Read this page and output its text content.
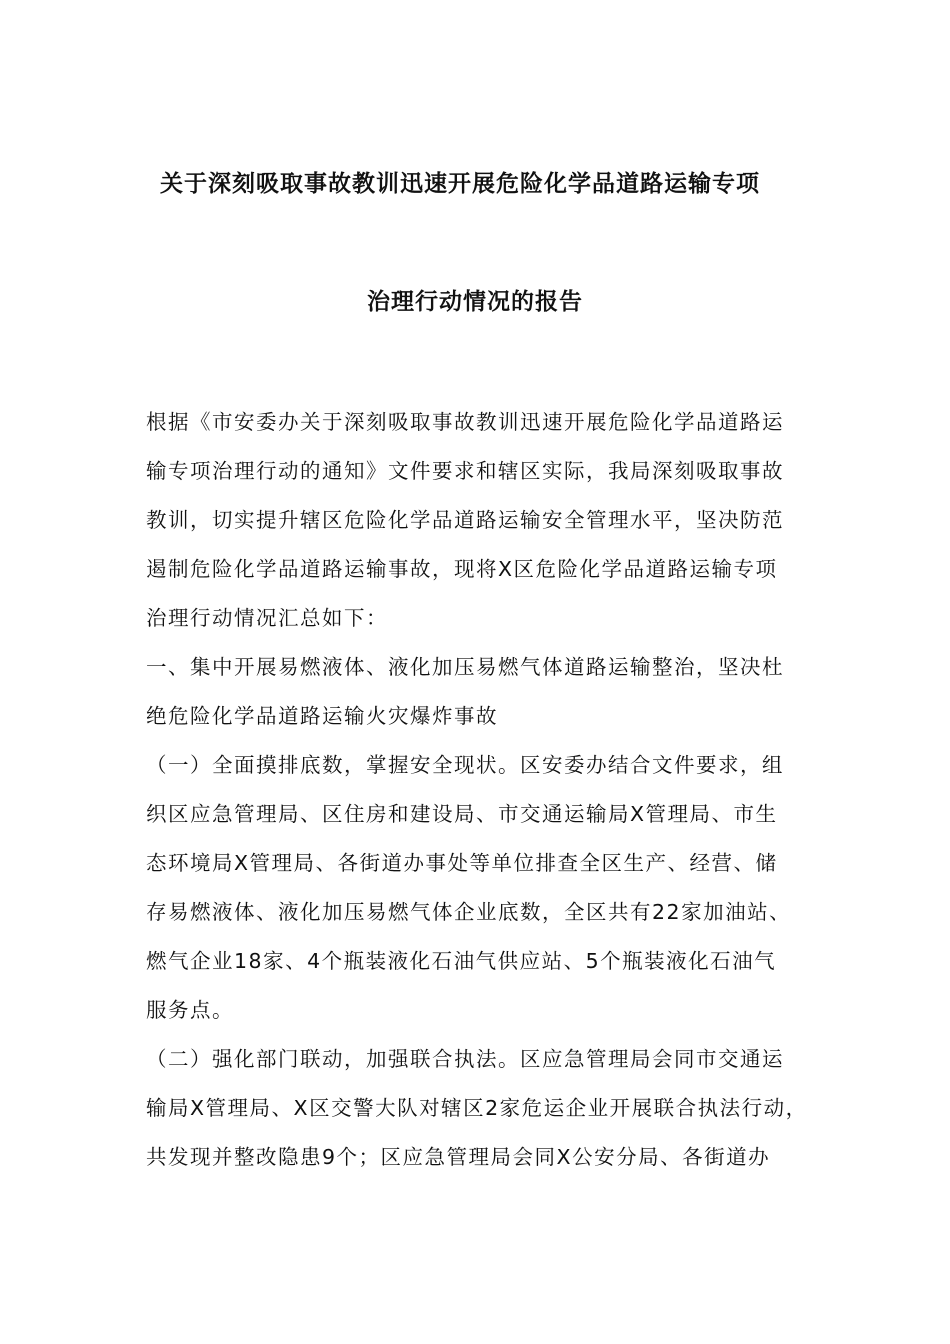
关于深刻吸取事故教训迅速开展危险化学品道路运输专项
治理行动情况的报告
根据《市安委办关于深刻吸取事故教训迅速开展危险化学品道路运
输专项治理行动的通知》文件要求和辖区实际，我局深刻吸取事故
教训，切实提升辖区危险化学品道路运输安全管理水平，坚决防范
遏制危险化学品道路运输事故，现将X区危险化学品道路运输专项
治理行动情况汇总如下：
一、集中开展易燃液体、液化加压易燃气体道路运输整治，坚决杜
绝危险化学品道路运输火灾爆炸事故
（一）全面摸排底数，掌握安全现状。区安委办结合文件要求，组
织区应急管理局、区住房和建设局、市交通运输局X管理局、市生
态环境局X管理局、各街道办事处等单位排查全区生产、经营、储
存易燃液体、液化加压易燃气体企业底数，全区共有22家加油站、
燃气企业18家、4个瓶装液化石油气供应站、5个瓶装液化石油气
服务点。
（二）强化部门联动，加强联合执法。区应急管理局会同市交通运
输局X管理局、X区交警大队对辖区2家危运企业开展联合执法行动，
共发现并整改隐患9个；区应急管理局会同X公安分局、各街道办
